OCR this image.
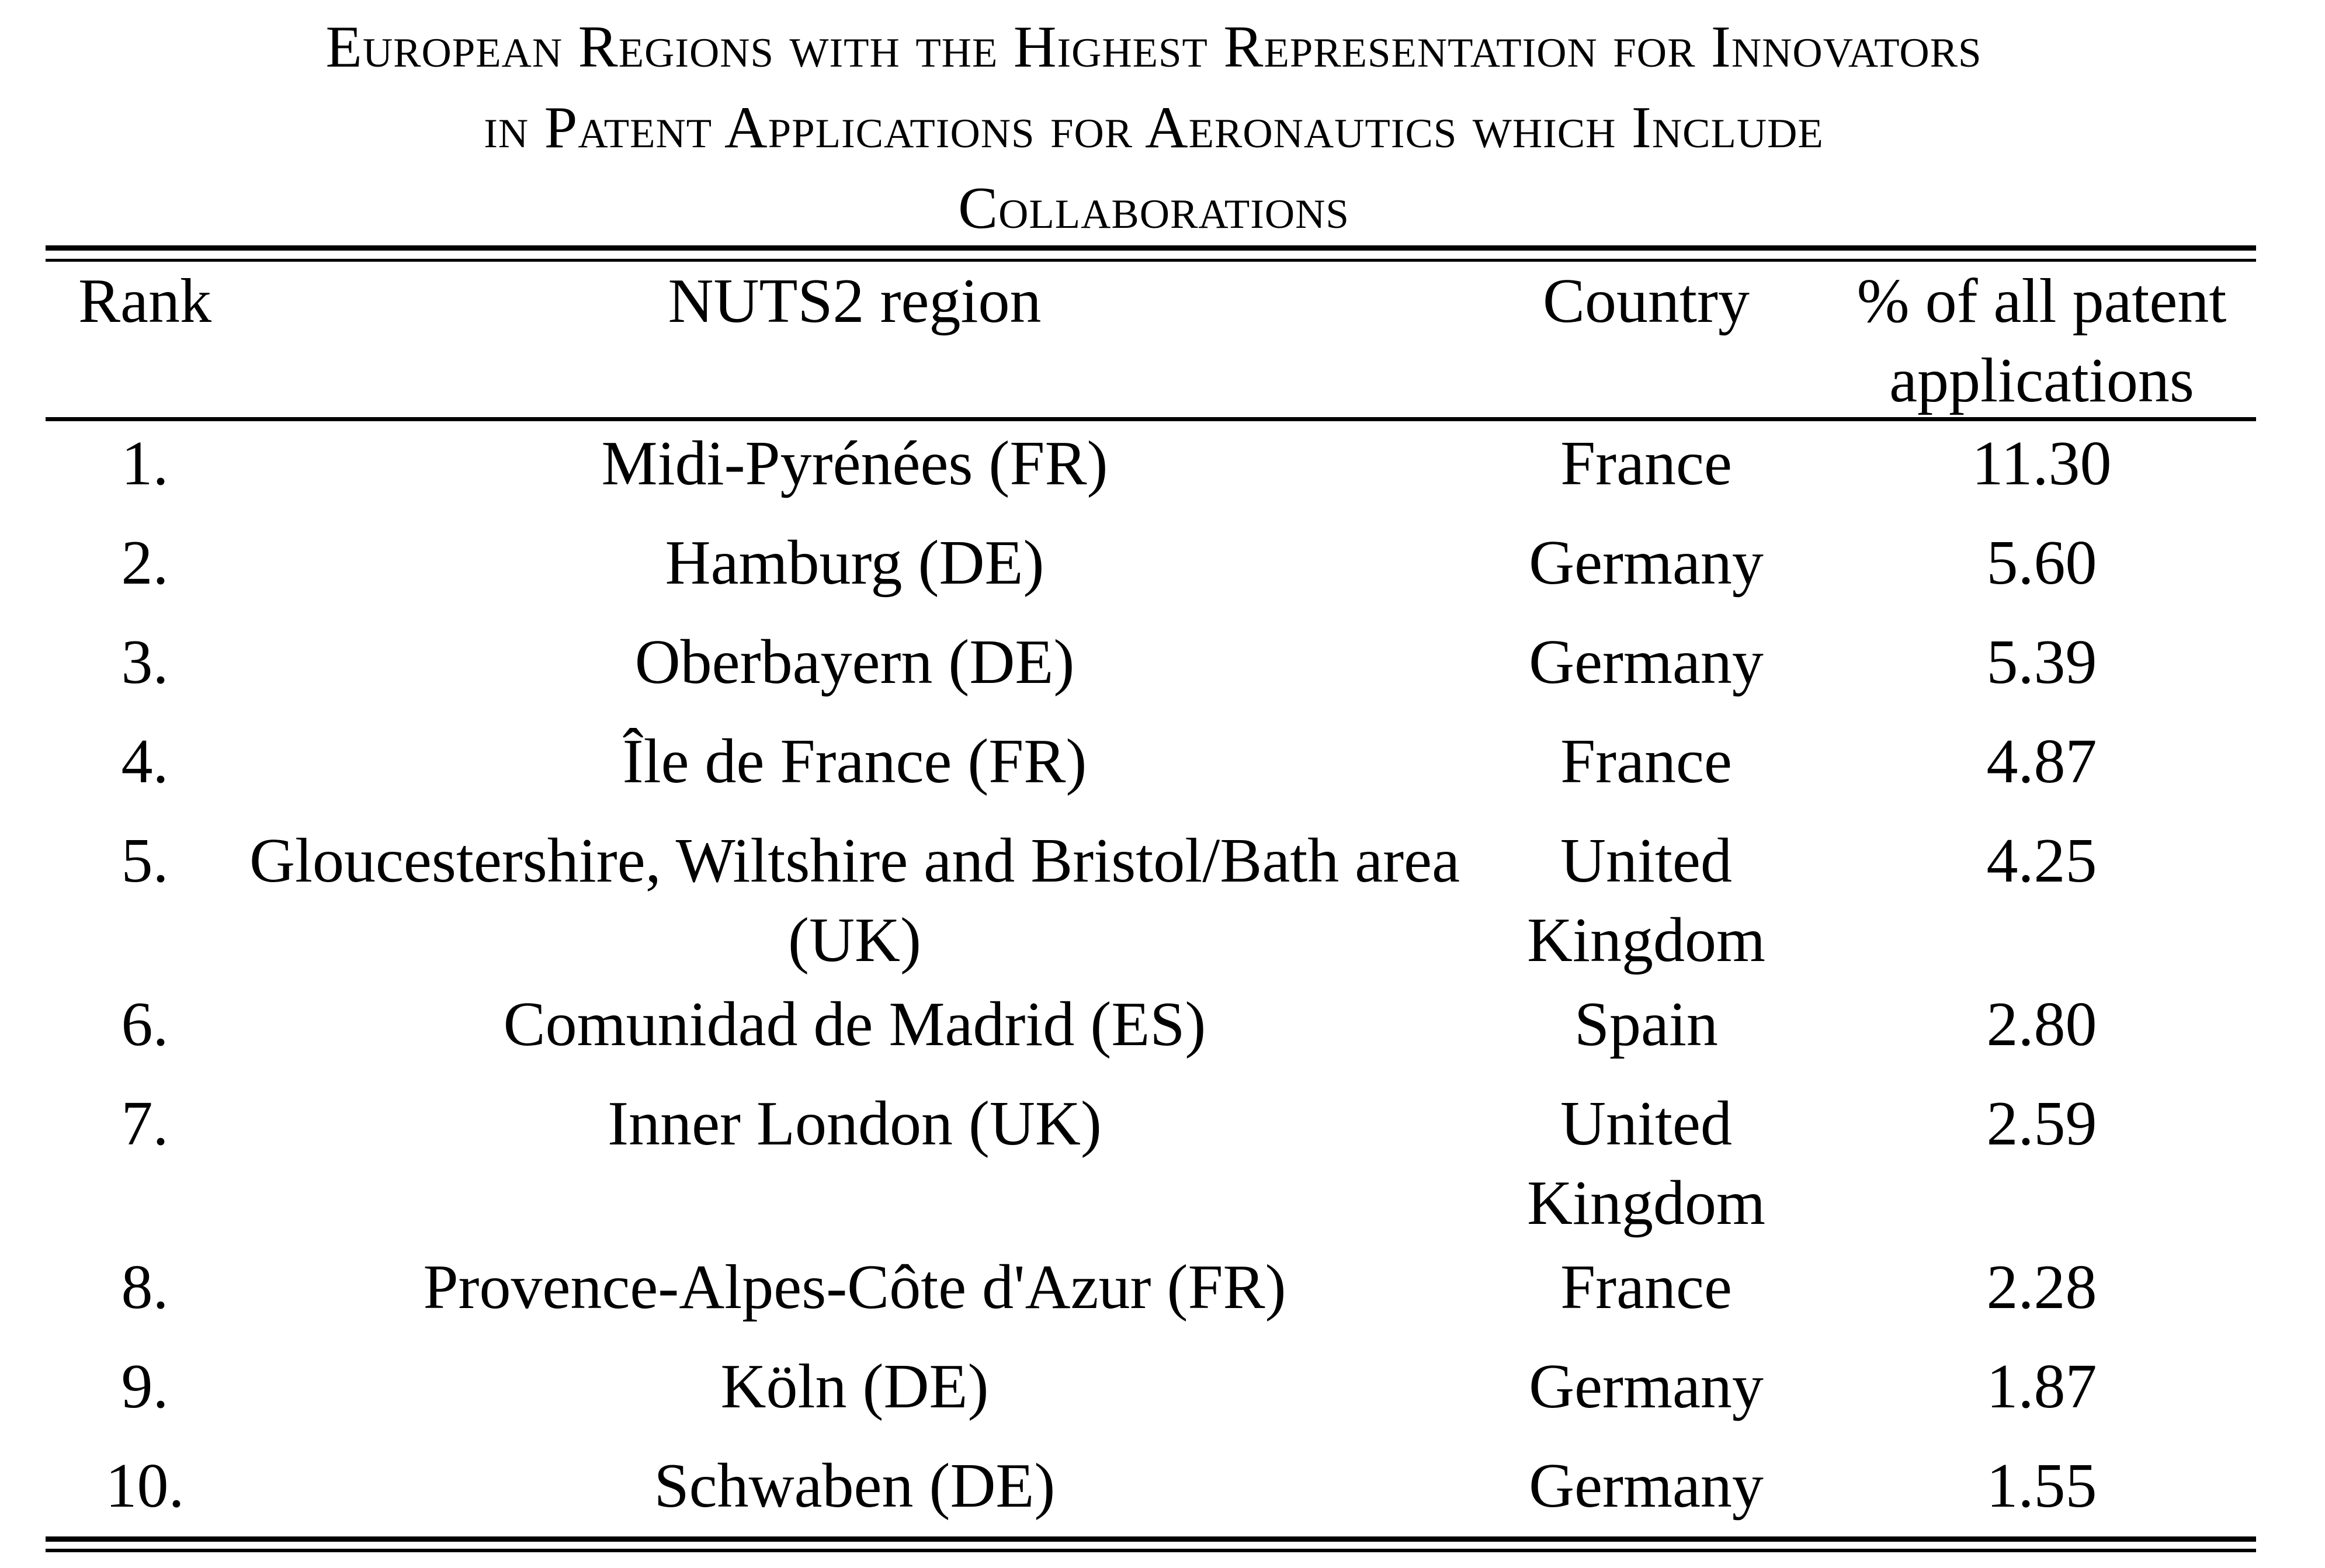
European Regions with the Highest Representation for Innovators
in Patent Applications for Aeronautics which Include
Collaborations
Rank	NUTS2 region	Country	% of all patent applications

1.	Midi-Pyrénées (FR)	France	11.30
2.	Hamburg (DE)	Germany	5.60
3.	Oberbayern (DE)	Germany	5.39
4.	Île de France (FR)	France	4.87
5.	Gloucestershire, Wiltshire and Bristol/Bath area (UK)	United Kingdom	4.25
6.	Comunidad de Madrid (ES)	Spain	2.80
7.	Inner London (UK)	United Kingdom	2.59
8.	Provence-Alpes-Côte d'Azur (FR)	France	2.28
9.	Köln (DE)	Germany	1.87
10.	Schwaben (DE)	Germany	1.55
